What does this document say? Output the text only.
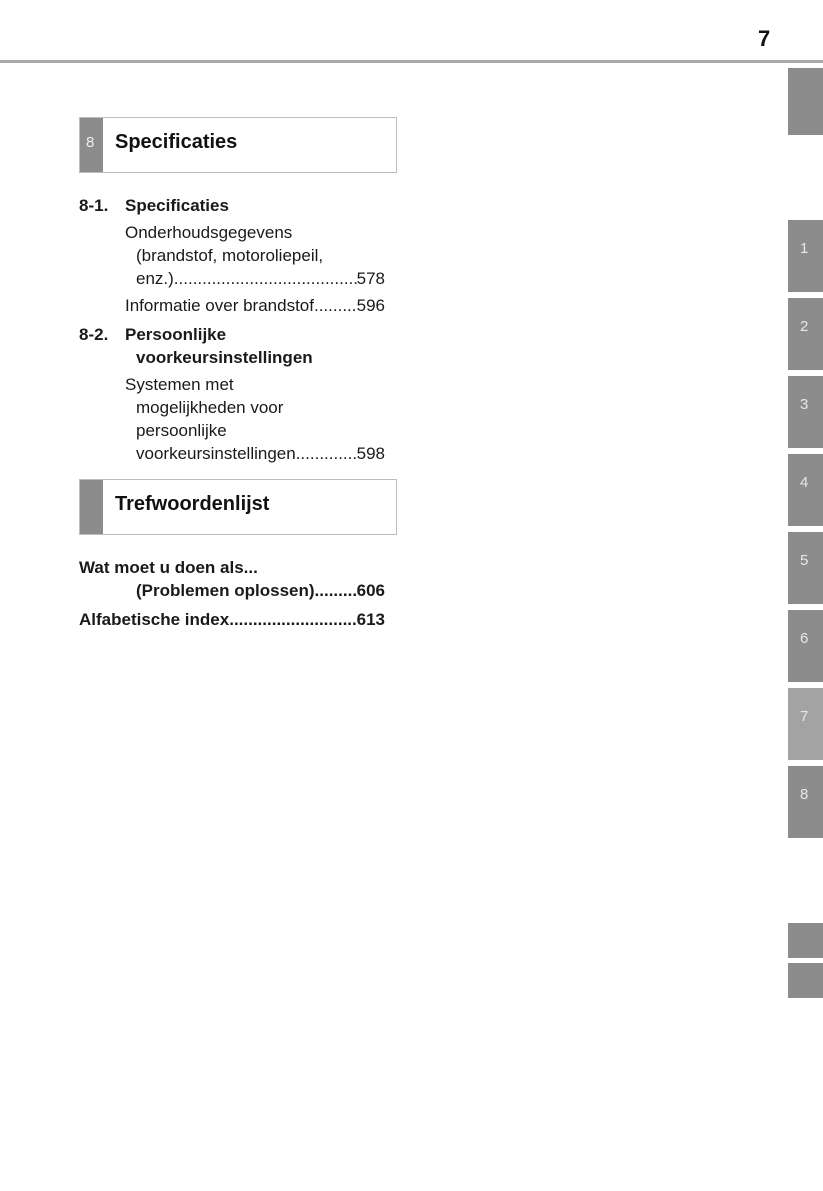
7
1
2
3
4
5
6
7
8
8 Specificaties
8-1. Specificaties
Onderhoudsgegevens
(brandstof, motoroliepeil,
enz.) .....	578
Informatie over brandstof .....	596
8-2. Persoonlijke
voorkeursinstellingen
Systemen met
mogelijkheden voor
persoonlijke
voorkeursinstellingen .....	598
Trefwoordenlijst
Wat moet u doen als...
(Problemen oplossen) ..... 606
Alfabetische index .....	613
